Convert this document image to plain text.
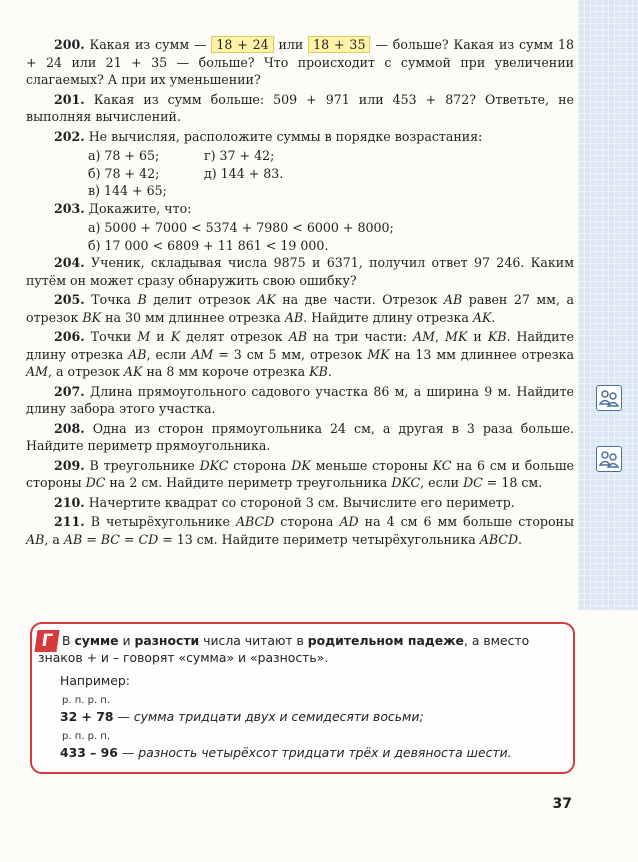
200. Какая из сумм — 18 + 24 или 18 + 35 — больше? Какая из сумм 18 + 24 или 21 + 35 — больше? Что происходит с суммой при увеличении слагаемых? А при их уменьшении?

201. Какая из сумм больше: 509 + 971 или 453 + 872? Ответьте, не выполняя вычислений.

202. Не вычисляя, расположите суммы в порядке возрастания:

а) 78 + 65;	г) 37 + 42;
б) 78 + 42;	д) 144 + 83.
в) 144 + 65;

203. Докажите, что:

а) 5000 + 7000 < 5374 + 7980 < 6000 + 8000;
б) 17 000 < 6809 + 11 861 < 19 000.

204. Ученик, складывая числа 9875 и 6371, получил ответ 97 246. Каким путём он может сразу обнаружить свою ошибку?

205. Точка B делит отрезок AK на две части. Отрезок AB равен 27 мм, а отрезок BK на 30 мм длиннее отрезка AB. Найдите длину отрезка AK.

206. Точки M и K делят отрезок AB на три части: AM, MK и KB. Найдите длину отрезка AB, если AM = 3 см 5 мм, отрезок MK на 13 мм длиннее отрезка AM, а отрезок AK на 8 мм короче отрезка KB.

207. Длина прямоугольного садового участка 86 м, а ширина 9 м. Найдите длину забора этого участка.

208. Одна из сторон прямоугольника 24 см, а другая в 3 раза больше. Найдите периметр прямоугольника.

209. В треугольнике DKC сторона DK меньше стороны KC на 6 см и больше стороны DC на 2 см. Найдите периметр треугольника DKC, если DC = 18 см.

210. Начертите квадрат со стороной 3 см. Вычислите его периметр.

211. В четырёхугольнике ABCD сторона AD на 4 см 6 мм больше стороны AB, а AB = BC = CD = 13 см. Найдите периметр четырёхугольника ABCD.

Г В сумме и разности числа читают в родительном падеже, а вместо
знаков + и – говорят «сумма» и «разность».
Например:
р. п. р. п.
32 + 78 — сумма тридцати двух и семидесяти восьми;
р. п. р. п.
433 – 96 — разность четырёхсот тридцати трёх и девяноста шести.
37
